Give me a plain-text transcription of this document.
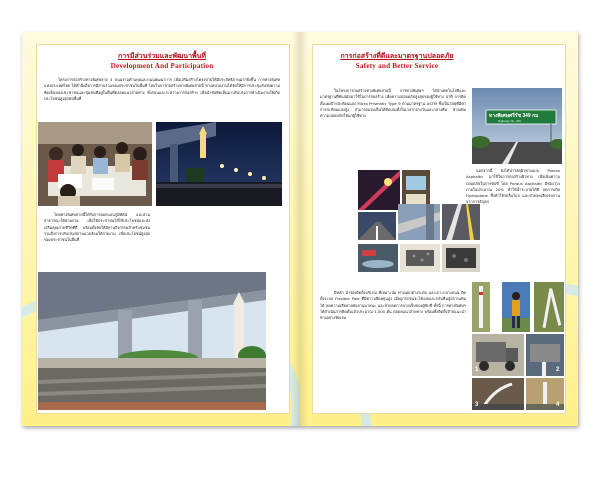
การมีส่วนร่วมและพัฒนาพื้นที่
Development And Participation
โครงการก่อสร้างทางพิเศษสาย 4 ถนนรามคำแหงและถนนพัฒนาการ เพื่อเสริมสร้างโครงข่ายให้มีประสิทธิภาพมากยิ่งขึ้น การทางพิเศษแห่งประเทศไทย ได้คำนึงถึงการมีส่วนร่วมของประชาชนในพื้นที่ โดยในการก่อสร้างทางพิเศษสายนี้ ทางหน่วยงานได้จัดให้มีการประชุมรับฟังความคิดเห็นของประชาชนและชุมชนที่อยู่ในพื้นที่ตลอดแนวสายทาง ทั้งก่อนและระหว่างการก่อสร้าง เพื่อนำข้อคิดเห็นมาปรับปรุงการดำเนินงานให้เกิดประโยชน์สูงสุดต่อพื้นที่
โดยทางพิเศษสายนี้ได้รับการออกแบบภูมิทัศน์ และสวนสาธารณะใต้ทางด่วน เพื่อให้ประชาชนได้ใช้ประโยชน์และส่งเสริมคุณภาพชีวิตที่ดี พร้อมทั้งจัดให้มีลานกิจกรรมสำหรับชุมชน รวมถึงการปรับปรุงสภาพแวดล้อมให้สวยงาม เพื่อประโยชน์สูงสุดของประชาชนในพื้นที่
การก่อสร้างที่ดีและมาตรฐานปลอดภัย
Safety and Better Service
ทางพิเศษศรีรัช 349 กม
Highway No. 349
ในโครงการก่อสร้างทางพิเศษสายนี้ การทางพิเศษฯ ได้นำเทคโนโลยีและมาตรฐานที่ทันสมัยมาใช้ในการก่อสร้าง เพื่อความปลอดภัยสูงสุดของผู้ใช้ทาง อาทิ การติดตั้งแผงป้ายสะท้อนแสง Micro Prismatic Type 9 ตามมาตรฐาน ASTM ซึ่งเป็นวัสดุที่มีค่าการสะท้อนแสงสูง สามารถมองเห็นได้ชัดเจนทั้งในเวลากลางวันและกลางคืน ช่วยเพิ่มความปลอดภัยให้แก่ผู้ใช้ทาง
นอกจากนี้ ยังได้นำวัสดุผิวทางแบบ Porous Asphaltic มาใช้ในการก่อสร้างผิวทาง เพื่อเพิ่มความปลอดภัยในการขับขี่ โดย Porous Asphaltic มีช่องว่างภายในประมาณ 20% ทำให้น้ำระบายได้ดี ลดการเกิด Hydroplane ซึ่งทำให้รถลื่นไถล และช่วยลดเสียงรบกวนจากการสัญจร
มีหลัก นำร่องติดตั้งบริเวณ ที่เหมาะสม ทางแยกต่างระดับ และเกาะกลางถนน ติดตั้งระบบ Flexible Pole ที่มีความยืดหยุ่นสูง เมื่อถูกรถชนจะโค้งงอและกลับคืนสู่สภาพเดิมได้ ลดความเสียหายต่อยานพาหนะ และช่วยลดการบาดเจ็บของผู้ขับขี่ ทั้งนี้ การทางพิเศษฯ ได้ดำเนินการติดตั้งแล้วประมาณ 1,500 ต้น ตลอดแนวสายทาง พร้อมทั้งติดตั้งป้ายแนะนำทางอย่างชัดเจน
1	2
3	4
